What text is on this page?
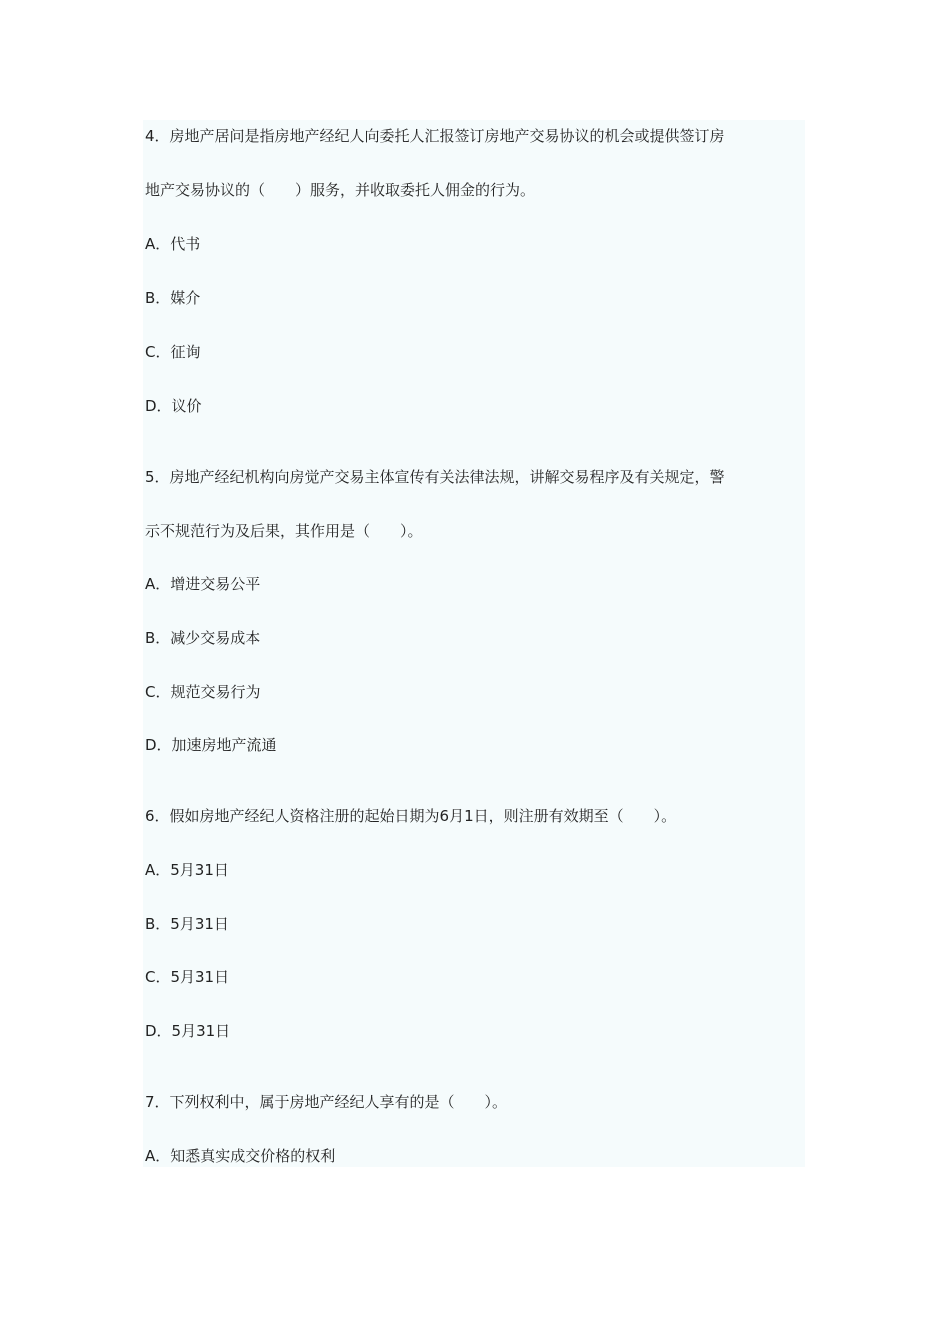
4．房地产居问是指房地产经纪人向委托人汇报签订房地产交易协议的机会或提供签订房
地产交易协议的（　　）服务，并收取委托人佣金的行为。
A．代书
B．媒介
C．征询
D．议价
5．房地产经纪机构向房觉产交易主体宣传有关法律法规，讲解交易程序及有关规定，警
示不规范行为及后果，其作用是（　　）。
A．增进交易公平
B．减少交易成本
C．规范交易行为
D．加速房地产流通
6．假如房地产经纪人资格注册的起始日期为6月1日，则注册有效期至（　　）。
A．5月31日
B．5月31日
C．5月31日
D．5月31日
7．下列权利中，属于房地产经纪人享有的是（　　）。
A．知悉真实成交价格的权利
